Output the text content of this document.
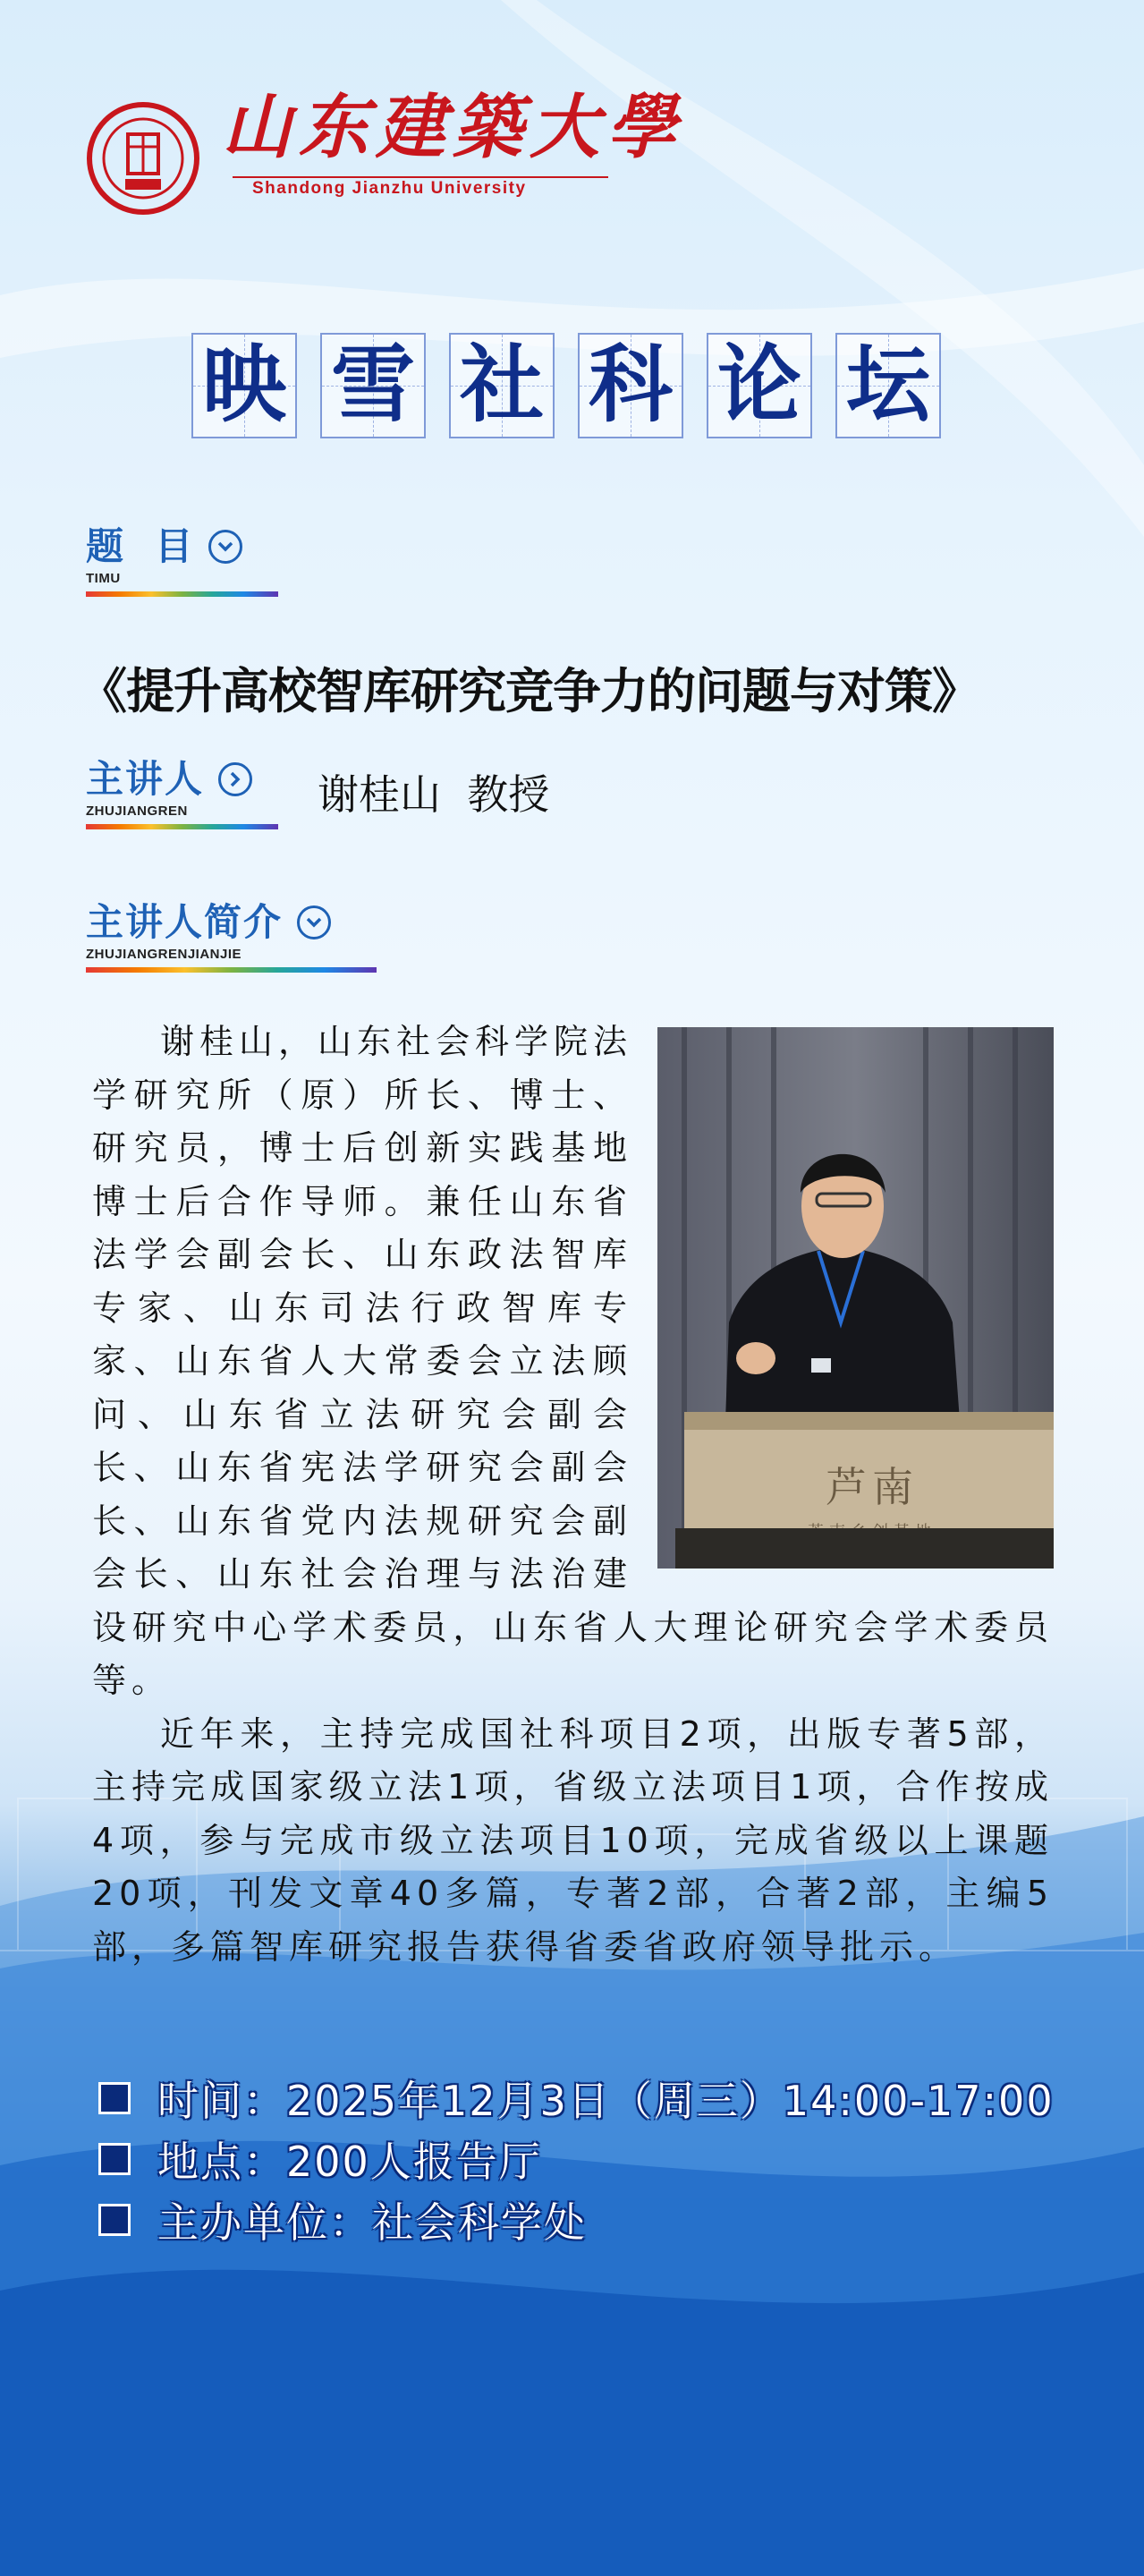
山东建築大學
Shandong Jianzhu University
映 雪 社 科 论 坛
题  目
TIMU
《提升高校智库研究竞争力的问题与对策》
主讲人
ZHUJIANGREN	谢桂山  教授
主讲人简介
ZHUJIANGRENJIANJIE
芦南

谢桂山，山东社会科学院法学研究所（原）所长、博士、研究员，博士后创新实践基地博士后合作导师。兼任山东省法学会副会长、山东政法智库专家、山东司法行政智库专家、山东省人大常委会立法顾问、山东省立法研究会副会长、山东省宪法学研究会副会长、山东省党内法规研究会副会长、山东社会治理与法治建设研究中心学术委员，山东省人大理论研究会学术委员等。

近年来，主持完成国社科项目2项，出版专著5部，主持完成国家级立法1项，省级立法项目1项，合作按成4项，参与完成市级立法项目10项，完成省级以上课题20项，刊发文章40多篇，专著2部，合著2部，主编5部，多篇智库研究报告获得省委省政府领导批示。

时间：2025年12月3日（周三）14:00-17:00
地点：200人报告厅
主办单位：社会科学处
